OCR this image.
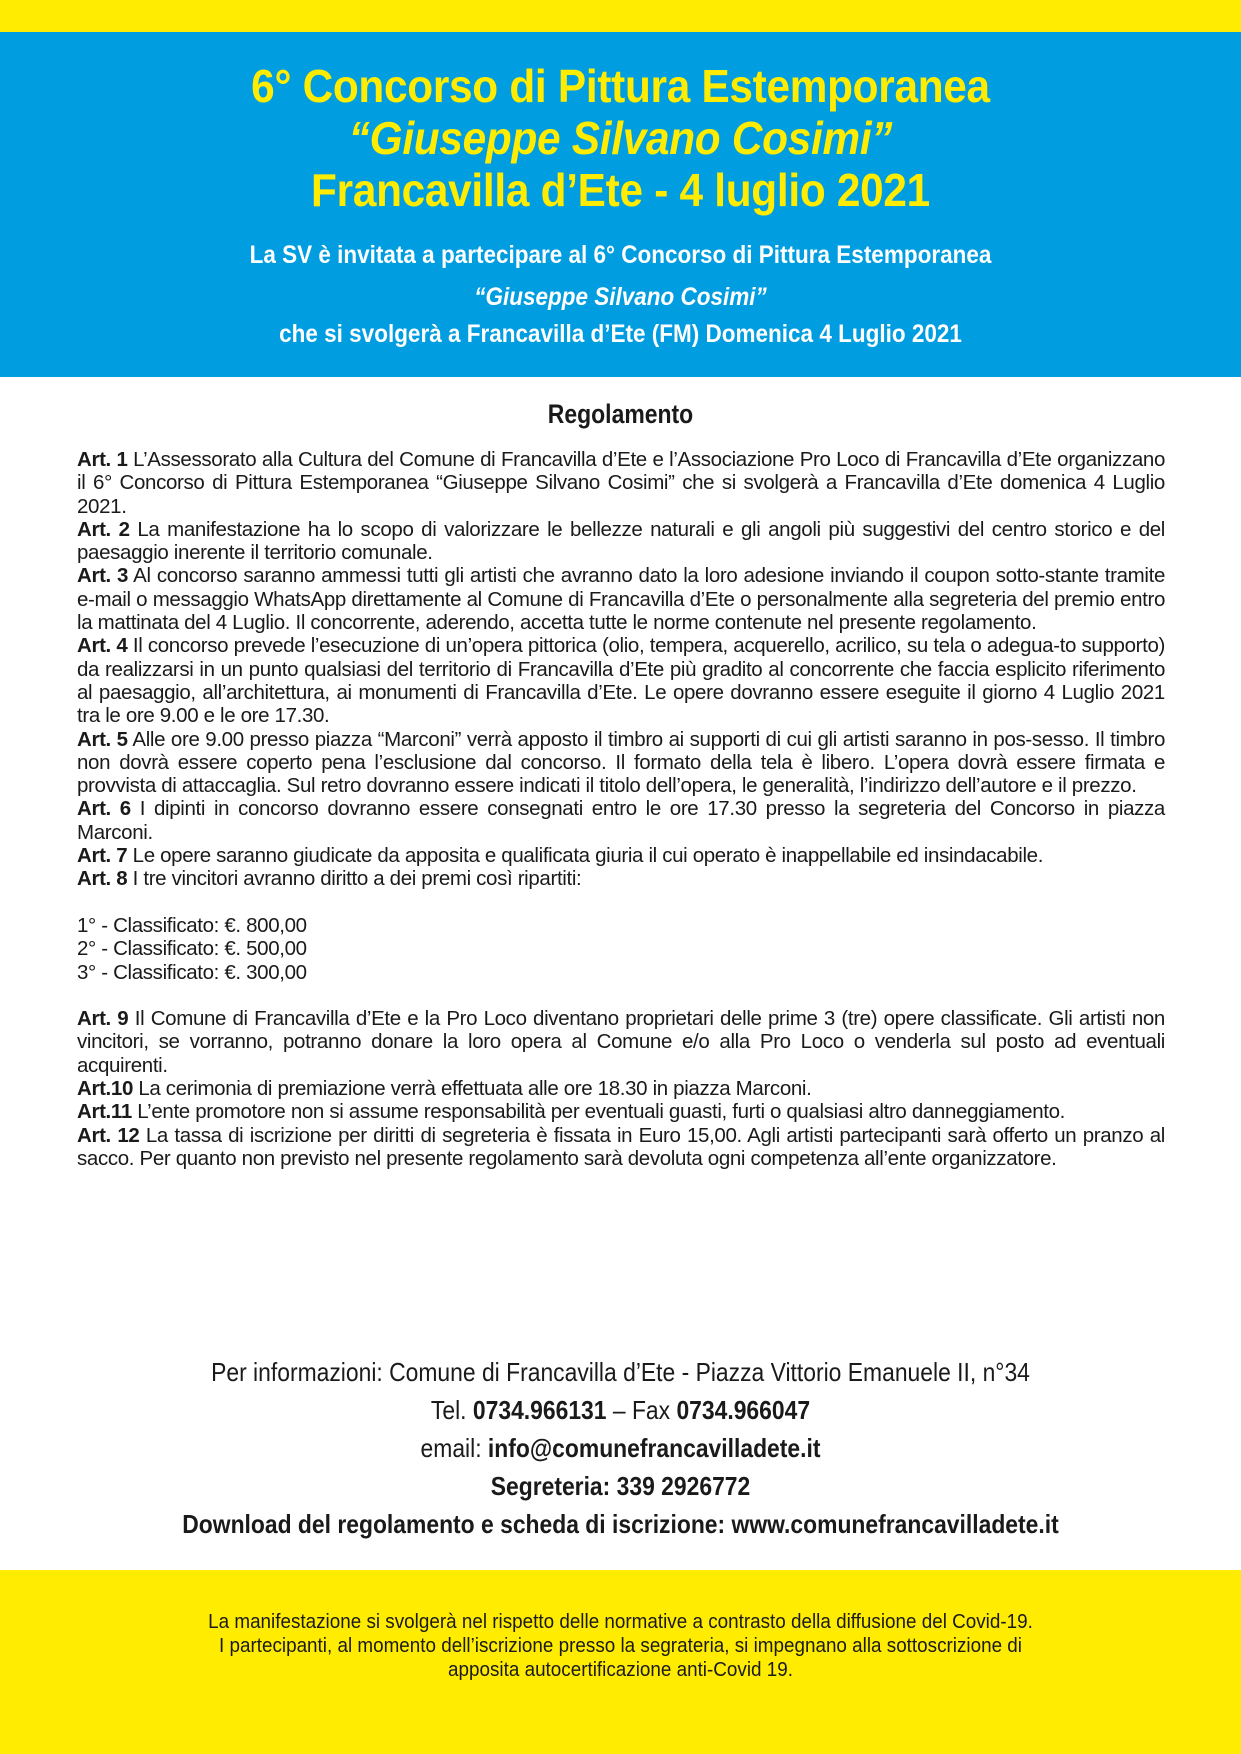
6° Concorso di Pittura Estemporanea
“Giuseppe Silvano Cosimi”
Francavilla d’Ete - 4 luglio 2021
La SV è invitata a partecipare al 6° Concorso di Pittura Estemporanea
“Giuseppe Silvano Cosimi”
che si svolgerà a Francavilla d’Ete (FM) Domenica 4 Luglio 2021
Regolamento

Art. 1 L’Assessorato alla Cultura del Comune di Francavilla d’Ete e l’Associazione Pro Loco di Francavilla d’Ete organizzano il 6° Concorso di Pittura Estemporanea “Giuseppe Silvano Cosimi” che si svolgerà a Francavilla d’Ete domenica 4 Luglio 2021.

Art. 2 La manifestazione ha lo scopo di valorizzare le bellezze naturali e gli angoli più suggestivi del centro storico e del paesaggio inerente il territorio comunale.

Art. 3 Al concorso saranno ammessi tutti gli artisti che avranno dato la loro adesione inviando il coupon sotto-stante tramite e-mail o messaggio WhatsApp direttamente al Comune di Francavilla d’Ete o personalmente alla segreteria del premio entro la mattinata del 4 Luglio. Il concorrente, aderendo, accetta tutte le norme contenute nel presente regolamento.

Art. 4 Il concorso prevede l’esecuzione di un’opera pittorica (olio, tempera, acquerello, acrilico, su tela o adegua-to supporto) da realizzarsi in un punto qualsiasi del territorio di Francavilla d’Ete più gradito al concorrente che faccia esplicito riferimento al paesaggio, all’architettura, ai monumenti di Francavilla d’Ete. Le opere dovranno essere eseguite il giorno 4 Luglio 2021 tra le ore 9.00 e le ore 17.30.

Art. 5 Alle ore 9.00 presso piazza “Marconi” verrà apposto il timbro ai supporti di cui gli artisti saranno in pos-sesso. Il timbro non dovrà essere coperto pena l’esclusione dal concorso. Il formato della tela è libero. L’opera dovrà essere firmata e provvista di attaccaglia. Sul retro dovranno essere indicati il titolo dell’opera, le generalità, l’indirizzo dell’autore e il prezzo.

Art. 6 I dipinti in concorso dovranno essere consegnati entro le ore 17.30 presso la segreteria del Concorso in piazza Marconi.

Art. 7 Le opere saranno giudicate da apposita e qualificata giuria il cui operato è inappellabile ed insindacabile.

Art. 8 I tre vincitori avranno diritto a dei premi così ripartiti:

1° - Classificato: €. 800,00

2° - Classificato: €. 500,00

3° - Classificato: €. 300,00

Art. 9 Il Comune di Francavilla d’Ete e la Pro Loco diventano proprietari delle prime 3 (tre) opere classificate. Gli artisti non vincitori, se vorranno, potranno donare la loro opera al Comune e/o alla Pro Loco o venderla sul posto ad eventuali acquirenti.

Art.10 La cerimonia di premiazione verrà effettuata alle ore 18.30 in piazza Marconi.

Art.11 L’ente promotore non si assume responsabilità per eventuali guasti, furti o qualsiasi altro danneggiamento.

Art. 12 La tassa di iscrizione per diritti di segreteria è fissata in Euro 15,00. Agli artisti partecipanti sarà offerto un pranzo al sacco. Per quanto non previsto nel presente regolamento sarà devoluta ogni competenza all’ente organizzatore.

Per informazioni: Comune di Francavilla d’Ete - Piazza Vittorio Emanuele II, n°34
Tel. 0734.966131 – Fax 0734.966047
email: info@comunefrancavilladete.it
Segreteria: 339 2926772
Download del regolamento e scheda di iscrizione: www.comunefrancavilladete.it
La manifestazione si svolgerà nel rispetto delle normative a contrasto della diffusione del Covid-19.
I partecipanti, al momento dell’iscrizione presso la segrateria, si impegnano alla sottoscrizione di
apposita autocertificazione anti-Covid 19.
